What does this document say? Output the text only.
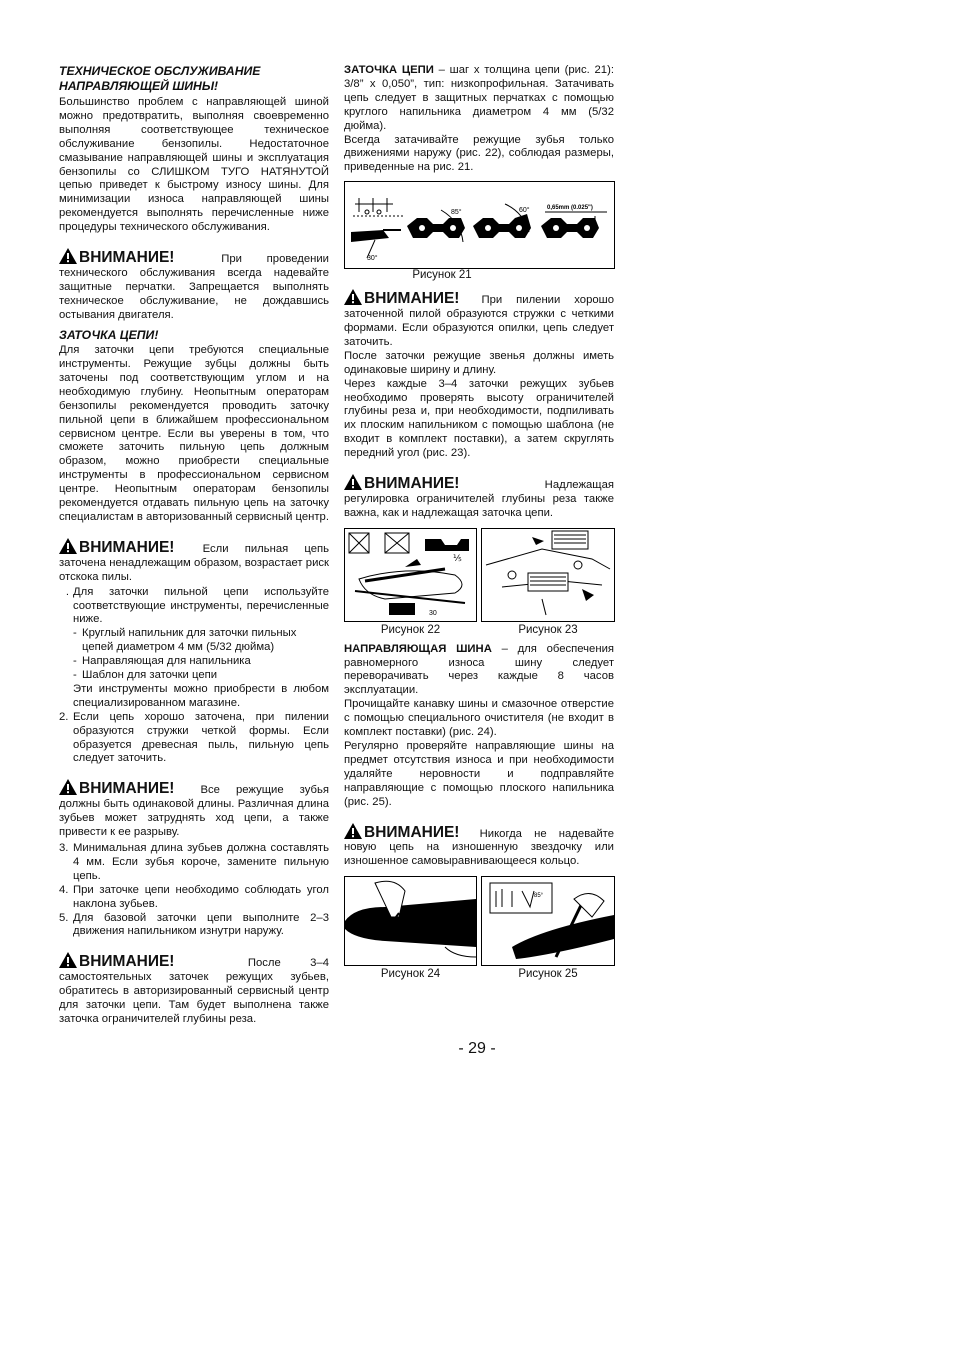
ТЕХНИЧЕСКОЕ ОБСЛУЖИВАНИЕ НАПРАВЛЯЮЩЕЙ ШИНЫ!

Большинство проблем с направляющей шиной можно предотвратить, выполняя своевременно выполняя соответствующее техническое обслуживание бензопилы. Недостаточное смазывание направляющей шины и эксплуатация бензопилы со СЛИШКОМ ТУГО НАТЯНУТОЙ цепью приведет к быстрому износу шины. Для минимизации износа направляющей шины рекомендуется выполнять перечисленные ниже процедуры технического обслуживания.

ВНИМАНИЕ!	При проведении технического обслуживания всегда надевайте защитные перчатки. Запрещается выполнять техническое обслуживание, не дождавшись остывания двигателя.
ЗАТОЧКА ЦЕПИ!

Для заточки цепи требуются специальные инструменты. Режущие зубцы должны быть заточены под соответствующим углом и на необходимую глубину. Неопытным операторам бензопилы рекомендуется проводить заточку пильной цепи в ближайшем профессиональном сервисном центре. Если вы уверены в том, что сможете заточить пильную цепь должным образом, можно приобрести специальные инструменты в профессиональном сервисном центре. Неопытным операторам бензопилы рекомендуется отдавать пильную цепь на заточку специалистам в авторизованный сервисный центр.

ВНИМАНИЕ! Если пильная цепь заточена ненадлежащим образом, возрастает риск отскока пилы.
. Для заточки пильной цепи используйте соответствующие инструменты, перечисленные ниже.
- Круглый напильник для заточки пильных цепей диаметром 4 мм (5/32 дюйма)
- Направляющая для напильника
- Шаблон для заточки цепи

Эти инструменты можно приобрести в любом специализированном магазине.

2. Если цепь хорошо заточена, при пилении образуются стружки четкой формы. Если образуется древесная пыль, пильную цепь следует заточить.
ВНИМАНИЕ! Все режущие зубья должны быть одинаковой длины. Различная длина зубьев может затруднять ход цепи, а также привести к ее разрыву.
3. Минимальная длина зубьев должна составлять 4 мм. Если зубья короче, замените пильную цепь.
4. При заточке цепи необходимо соблюдать угол наклона зубьев.
5. Для базовой заточки цепи выполните 2–3 движения напильником изнутри наружу.
ВНИМАНИЕ!	После 3–4 самостоятельных заточек режущих зубьев, обратитесь в авторизированный сервисный центр для заточки цепи. Там будет выполнена также заточка ограничителей глубины реза.

ЗАТОЧКА ЦЕПИ – шаг x толщина цепи (рис. 21): 3/8” x 0,050”, тип: низкопрофильная. Затачивать цепь следует в защитных перчатках с помощью круглого напильника диаметром 4 мм (5/32 дюйма).

Всегда затачивайте режущие зубья только движениями наружу (рис. 22), соблюдая размеры, приведенные на рис. 21.

30°
85°	60°	0,65mm (0.025")
Рисунок 21
ВНИМАНИЕ! При пилении хорошо заточенной пилой образуются стружки с четкими формами. Если образуются опилки, цепь следует заточить.

После заточки режущие звенья должны иметь одинаковые ширину и длину.

Через каждые 3–4 заточки режущих зубьев необходимо проверять высоту ограничителей глубины реза и, при необходимости, подпиливать их плоским напильником с помощью шаблона (не входит в комплект поставки), а затем скруглять передний угол (рис. 23).

ВНИМАНИЕ!	Надлежащая регулировка ограничителей глубины реза также важна, как и надлежащая заточка цепи.
⅕
30
Рисунок 22	Рисунок 23

НАПРАВЛЯЮЩАЯ ШИНА – для обеспечения равномерного износа шину следует переворачивать через каждые 8 часов эксплуатации.

Прочищайте канавку шины и смазочное отверстие с помощью специального очистителя (не входит в комплект поставки) (рис. 24).

Регулярно проверяйте направляющие шины на предмет отсутствия износа и при необходимости удаляйте неровности и подправляйте направляющие с помощью плоского напильника (рис. 25).

ВНИМАНИЕ! Никогда не надевайте новую цепь на изношенную звездочку или изношенное самовыравнивающееся кольцо.
Рисунок 24
85°
Рисунок 25
- 29 -
